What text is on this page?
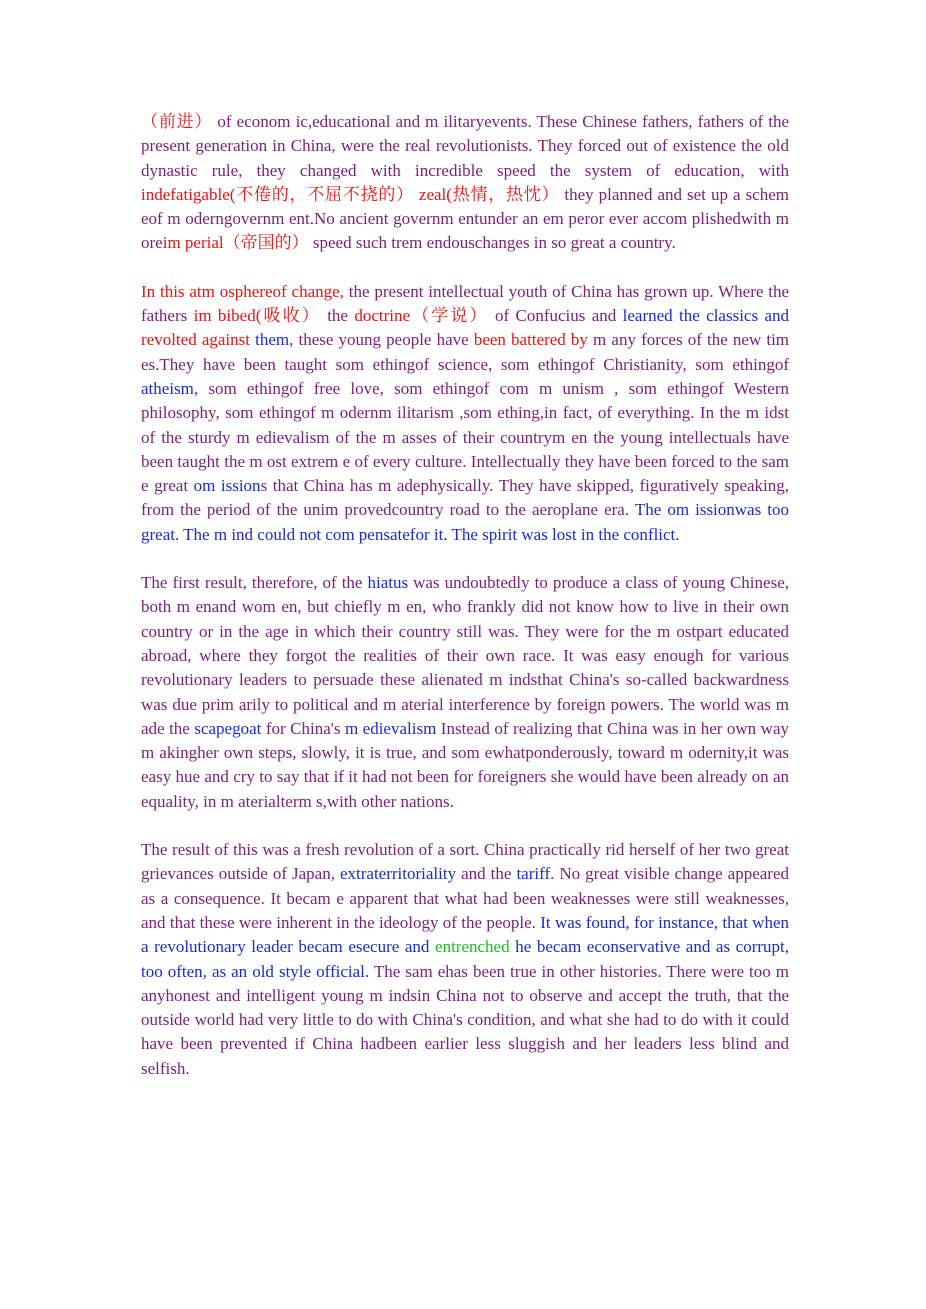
（前进） of econom ic,educational and m ilitaryevents. These Chinese fathers, fathers of the present generation in China, were the real revolutionists. They forced out of existence the old dynastic rule, they changed with incredible speed the system of education, with indefatigable(不倦的，不屈不挠的） zeal(热情，热忱） they planned and set up a schem eof m oderngovernm ent.No ancient governm entunder an em peror ever accom plishedwith m oreim perial（帝国的） speed such trem endouschanges in so great a country.

In this atm osphereof change, the present intellectual youth of China has grown up. Where the fathers im bibed(吸收） the doctrine（学说） of Confucius and learned the classics and revolted against them, these young people have been battered by m any forces of the new tim es.They have been taught som ethingof science, som ethingof Christianity, som ethingof atheism, som ethingof free love, som ethingof com m unism , som ethingof Western philosophy, som ethingof m odernm ilitarism ,som ething,in fact, of everything. In the m idst of the sturdy m edievalism of the m asses of their countrym en the young intellectuals have been taught the m ost extrem e of every culture. Intellectually they have been forced to the sam e great om issions that China has m adephysically. They have skipped, figuratively speaking, from the period of the unim provedcountry road to the aeroplane era. The om issionwas too great. The m ind could not com pensatefor it. The spirit was lost in the conflict.

The first result, therefore, of the hiatus was undoubtedly to produce a class of young Chinese, both m enand wom en, but chiefly m en, who frankly did not know how to live in their own country or in the age in which their country still was. They were for the m ostpart educated abroad, where they forgot the realities of their own race. It was easy enough for various revolutionary leaders to persuade these alienated m indsthat China's so-called backwardness was due prim arily to political and m aterial interference by foreign powers. The world was m ade the scapegoat for China's m edievalism Instead of realizing that China was in her own way m akingher own steps, slowly, it is true, and som ewhatponderously, toward m odernity,it was easy hue and cry to say that if it had not been for foreigners she would have been already on an equality, in m aterialterm s,with other nations.

The result of this was a fresh revolution of a sort. China practically rid herself of her two great grievances outside of Japan, extraterritoriality and the tariff. No great visible change appeared as a consequence. It becam e apparent that what had been weaknesses were still weaknesses, and that these were inherent in the ideology of the people. It was found, for instance, that when a revolutionary leader becam esecure and entrenched he becam econservative and as corrupt, too often, as an old style official. The sam ehas been true in other histories. There were too m anyhonest and intelligent young m indsin China not to observe and accept the truth, that the outside world had very little to do with China's condition, and what she had to do with it could have been prevented if China hadbeen earlier less sluggish and her leaders less blind and selfish.
